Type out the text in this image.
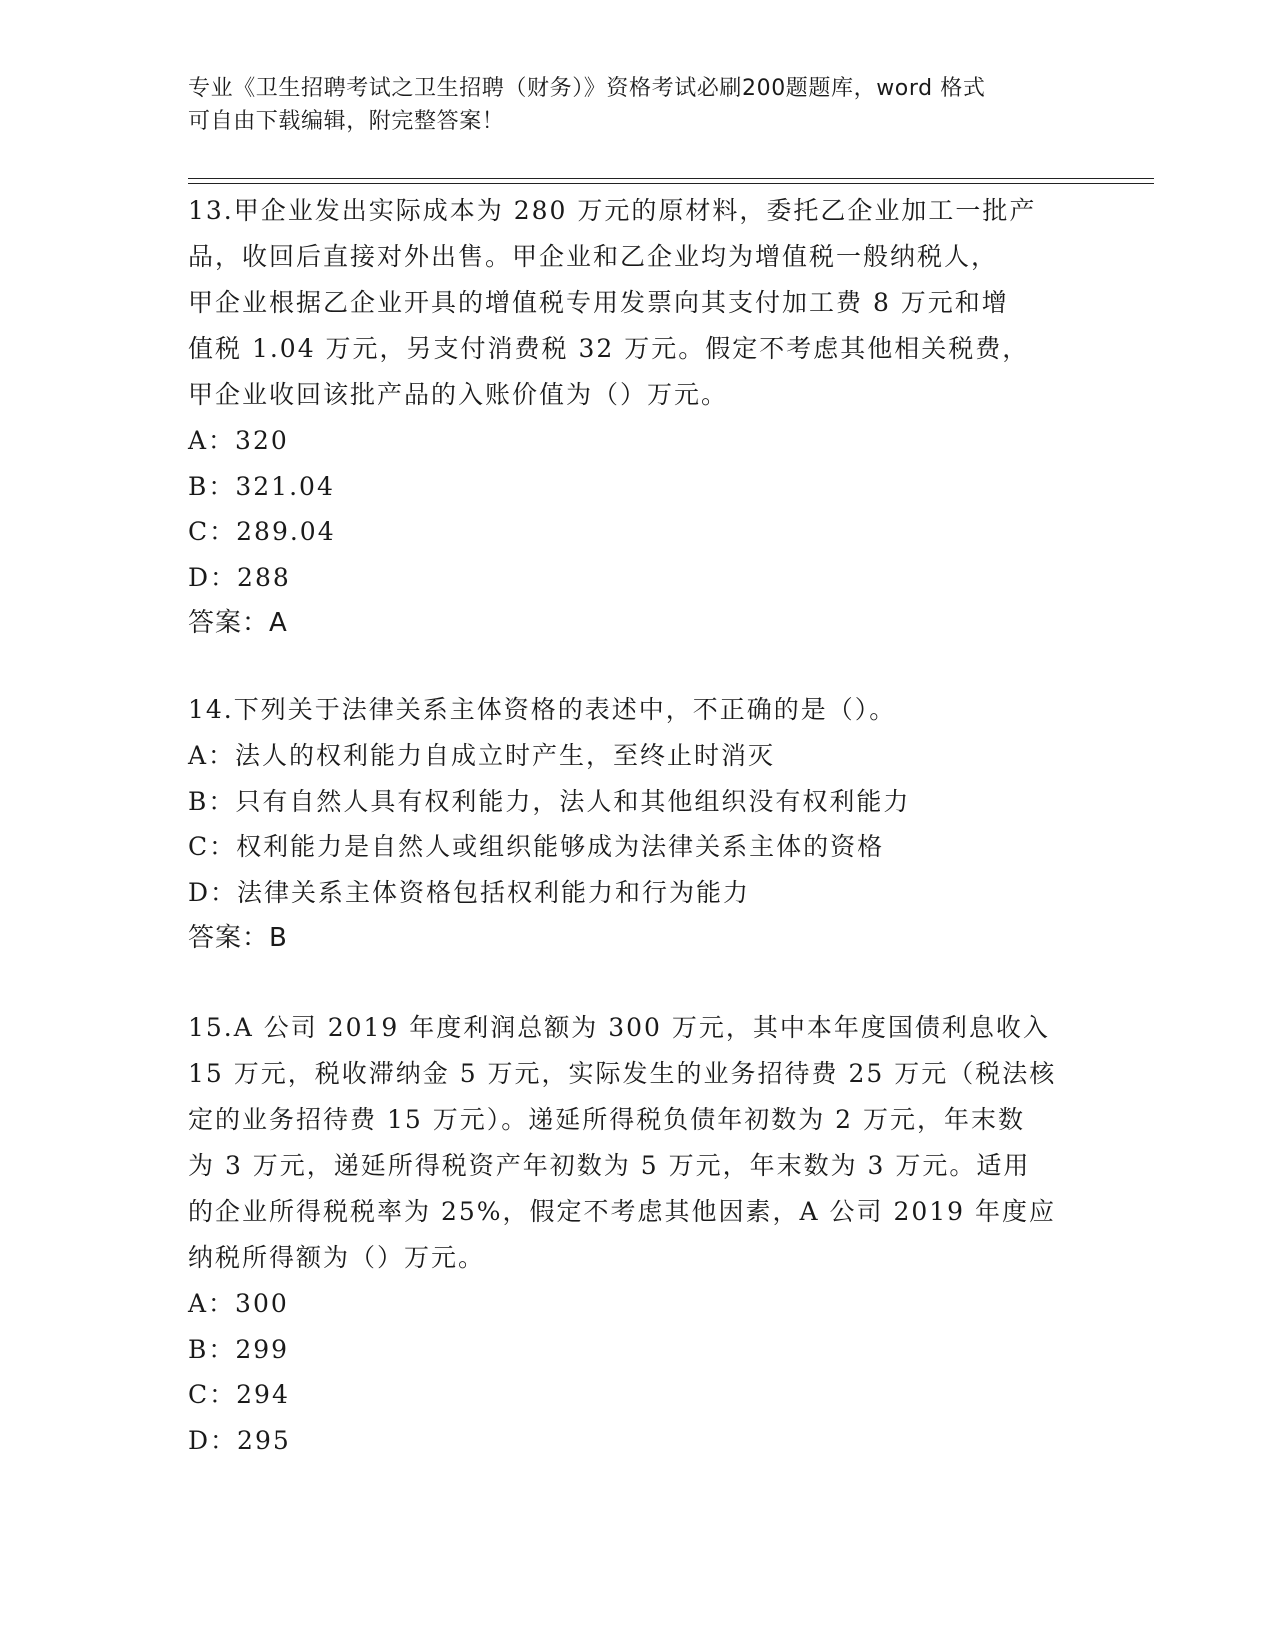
专业《卫生招聘考试之卫生招聘（财务）》资格考试必刷200题题库，word 格式
可自由下载编辑，附完整答案！
13.甲企业发出实际成本为 280 万元的原材料，委托乙企业加工一批产
品，收回后直接对外出售。甲企业和乙企业均为增值税一般纳税人，
甲企业根据乙企业开具的增值税专用发票向其支付加工费 8 万元和增
值税 1.04 万元，另支付消费税 32 万元。假定不考虑其他相关税费，
甲企业收回该批产品的入账价值为（）万元。
A：320
B：321.04
C：289.04
D：288
答案：A
14.下列关于法律关系主体资格的表述中，不正确的是（）。
A：法人的权利能力自成立时产生，至终止时消灭
B：只有自然人具有权利能力，法人和其他组织没有权利能力
C：权利能力是自然人或组织能够成为法律关系主体的资格
D：法律关系主体资格包括权利能力和行为能力
答案：B
15.A 公司 2019 年度利润总额为 300 万元，其中本年度国债利息收入
15 万元，税收滞纳金 5 万元，实际发生的业务招待费 25 万元（税法核
定的业务招待费 15 万元）。递延所得税负债年初数为 2 万元，年末数
为 3 万元，递延所得税资产年初数为 5 万元，年末数为 3 万元。适用
的企业所得税税率为 25%，假定不考虑其他因素，A 公司 2019 年度应
纳税所得额为（）万元。
A：300
B：299
C：294
D：295
